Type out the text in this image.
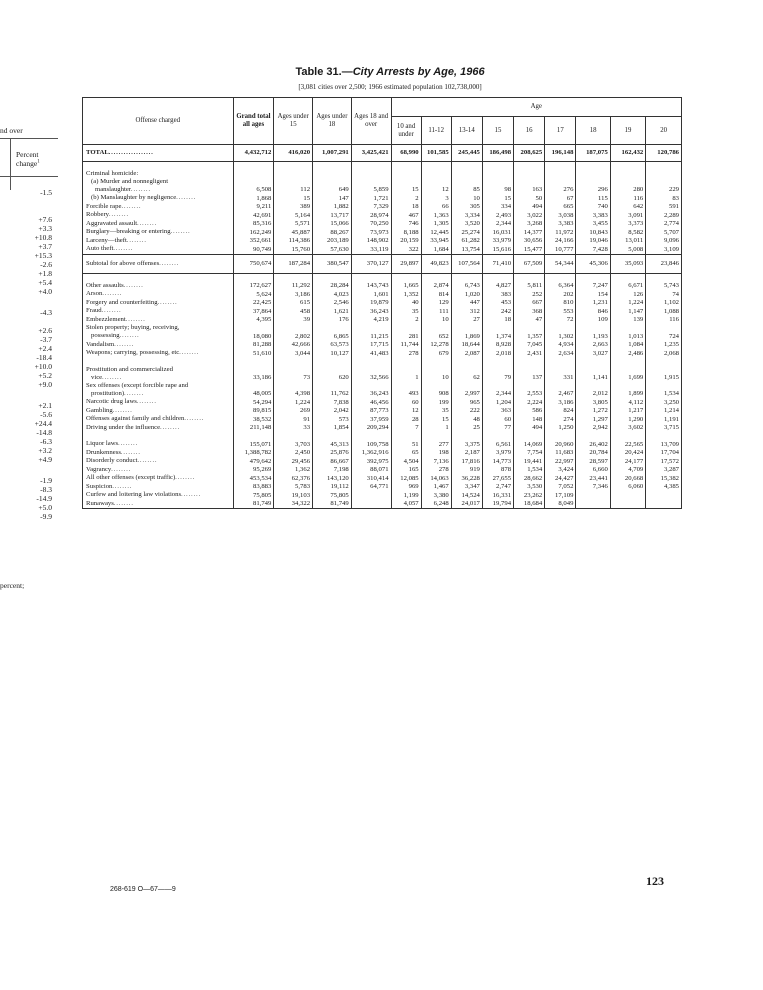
nd over
Percent
change$^1$
-1.5
+7.6
+3.3
+10.8
+3.7
+15.3
-2.6
+1.8
+5.4
+4.0
-4.3
+2.6
-3.7
+2.4
-18.4
+10.0
+5.2
+9.0
+2.1
-5.6
+24.4
-14.8
-6.3
+3.2
+4.9
-1.9
-8.3
-14.9
+5.0
-9.9
percent;
Table 31.—City Arrests by Age, 1966
[3,081 cities over 2,500; 1966 estimated population 102,738,000]
Offense charged	Grand total all ages	Ages under 15	Ages under 18	Ages 18 and over	Age								
					10 and under	11-12	13-14	15	16	17	18	19	20
TOTAL..................	4,432,712	416,020	1,007,291	3,425,421	68,990	101,585	245,445	186,498	208,625	196,148	187,075	162,432	120,786

Criminal homicide:													
(a) Murder and nonnegligent													
manslaughter........	6,508	112	649	5,859	15	12	85	98	163	276	296	280	229
(b) Manslaughter by negligence........	1,868	15	147	1,721	2	3	10	15	50	67	115	116	83
Forcible rape........	9,211	389	1,882	7,329	18	66	305	334	494	665	740	642	591
Robbery........	42,691	5,164	13,717	28,974	467	1,363	3,334	2,493	3,022	3,038	3,383	3,091	2,289
Aggravated assault........	85,316	5,571	15,066	70,250	746	1,305	3,520	2,344	3,268	3,383	3,455	3,373	2,774
Burglary—breaking or entering........	162,249	45,887	88,267	73,973	8,188	12,445	25,274	16,031	14,377	11,972	10,843	8,582	5,707
Larceny—theft........	352,661	114,386	203,189	148,902	20,159	33,945	61,282	33,979	30,656	24,166	19,046	13,011	9,096
Auto theft........	90,749	15,760	57,630	33,119	322	1,684	13,754	15,616	15,477	10,777	7,428	5,008	3,109
Subtotal for above offenses........	750,674	187,284	380,547	370,127	29,897	49,823	107,564	71,410	67,509	54,344	45,306	35,093	23,846

Other assaults........	172,627	11,292	28,284	143,743	1,665	2,874	6,743	4,827	5,811	6,364	7,247	6,671	5,743
Arson........	5,624	3,186	4,023	1,601	1,352	814	1,020	383	252	202	154	126	74
Forgery and counterfeiting........	22,425	615	2,546	19,879	40	129	447	453	667	810	1,231	1,224	1,102
Fraud........	37,864	458	1,621	36,243	35	111	312	242	368	553	846	1,147	1,088
Embezzlement........	4,395	39	176	4,219	2	10	27	18	47	72	109	139	116
Stolen property; buying, receiving,													
possessing........	18,080	2,802	6,865	11,215	281	652	1,869	1,374	1,357	1,302	1,193	1,013	724
Vandalism........	81,288	42,666	63,573	17,715	11,744	12,278	18,644	8,928	7,045	4,934	2,663	1,084	1,235
Weapons; carrying, possessing, etc........	51,610	3,044	10,127	41,483	278	679	2,087	2,018	2,431	2,634	3,027	2,486	2,068

Prostitution and commercialized													
vice........	33,186	73	620	32,566	1	10	62	79	137	331	1,141	1,699	1,915
Sex offenses (except forcible rape and													
prostitution)........	48,005	4,398	11,762	36,243	493	908	2,997	2,344	2,553	2,467	2,012	1,899	1,534
Narcotic drug laws........	54,294	1,224	7,838	46,456	60	199	965	1,204	2,224	3,186	3,805	4,112	3,250
Gambling........	89,815	269	2,042	87,773	12	35	222	363	586	824	1,272	1,217	1,214
Offenses against family and children........	38,532	91	573	37,959	28	15	48	60	148	274	1,297	1,290	1,191
Driving under the influence........	211,148	33	1,854	209,294	7	1	25	77	494	1,250	2,942	3,602	3,715

Liquor laws........	155,071	3,703	45,313	109,758	51	277	3,375	6,561	14,069	20,960	26,402	22,565	13,709
Drunkenness........	1,388,782	2,450	25,876	1,362,916	65	198	2,187	3,979	7,754	11,683	20,784	20,424	17,704
Disorderly conduct........	479,642	29,456	86,667	392,975	4,504	7,136	17,816	14,773	19,441	22,997	28,597	24,177	17,572
Vagrancy........	95,269	1,362	7,198	88,071	165	278	919	878	1,534	3,424	6,660	4,709	3,287
All other offenses (except traffic)........	453,534	62,376	143,120	310,414	12,085	14,063	36,228	27,655	28,662	24,427	23,441	20,668	15,382
Suspicion........	83,883	5,783	19,112	64,771	969	1,467	3,347	2,747	3,530	7,052	7,346	6,060	4,385
Curfew and loitering law violations........	75,805	19,103	75,805		1,199	3,380	14,524	16,331	23,262	17,109			
Runaways........	81,749	34,322	81,749		4,057	6,248	24,017	19,794	18,684	8,049			
123
268-619 O—67——9
